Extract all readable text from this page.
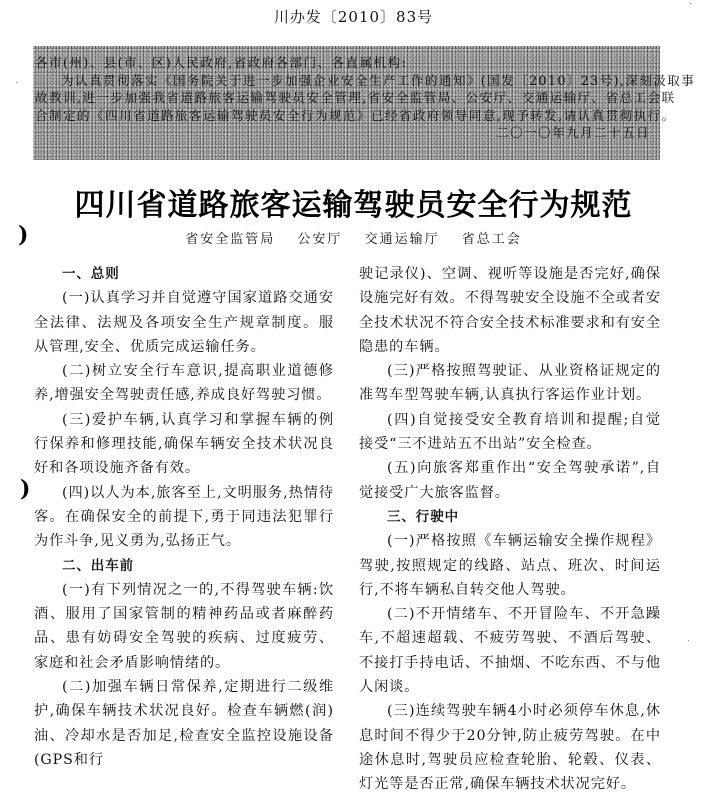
川办发〔2010〕83号

各市(州)、县(市、区)人民政府,省政府各部门、各直属机构:

为认真贯彻落实《国务院关于进一步加强企业安全生产工作的通知》(国发〔2010〕23号),深刻汲取事

故教训,进一步加强我省道路旅客运输驾驶员安全管理,省安全监管局、公安厅、交通运输厅、省总工会联

合制定的《四川省道路旅客运输驾驶员安全行为规范》已经省政府领导同意,现予转发,请认真贯彻执行。

二〇一〇年九月二十五日

四川省道路旅客运输驾驶员安全行为规范
省安全监管局 公安厅 交通运输厅 省总工会
)
)

一、总则

(一)认真学习并自觉遵守国家道路交通安全法律、法规及各项安全生产规章制度。服从管理,安全、优质完成运输任务。

(二)树立安全行车意识,提高职业道德修养,增强安全驾驶责任感,养成良好驾驶习惯。

(三)爱护车辆,认真学习和掌握车辆的例行保养和修理技能,确保车辆安全技术状况良好和各项设施齐备有效。

(四)以人为本,旅客至上,文明服务,热情待客。在确保安全的前提下,勇于同违法犯罪行为作斗争,见义勇为,弘扬正气。

二、出车前

(一)有下列情况之一的,不得驾驶车辆:饮酒、服用了国家管制的精神药品或者麻醉药品、患有妨碍安全驾驶的疾病、过度疲劳、家庭和社会矛盾影响情绪的。

(二)加强车辆日常保养,定期进行二级维护,确保车辆技术状况良好。检查车辆燃(润)油、冷却水是否加足,检查安全监控设施设备(GPS和行

驶记录仪)、空调、视听等设施是否完好,确保设施完好有效。不得驾驶安全设施不全或者安全技术状况不符合安全技术标准要求和有安全隐患的车辆。

(三)严格按照驾驶证、从业资格证规定的准驾车型驾驶车辆,认真执行客运作业计划。

(四)自觉接受安全教育培训和提醒;自觉接受“三不进站五不出站”安全检查。

(五)向旅客郑重作出“安全驾驶承诺”,自觉接受广大旅客监督。

三、行驶中

(一)严格按照《车辆运输安全操作规程》驾驶,按照规定的线路、站点、班次、时间运行,不将车辆私自转交他人驾驶。

(二)不开情绪车、不开冒险车、不开急躁车,不超速超载、不疲劳驾驶、不酒后驾驶、不接打手持电话、不抽烟、不吃东西、不与他人闲谈。

(三)连续驾驶车辆4小时必须停车休息,休息时间不得少于20分钟,防止疲劳驾驶。在中途休息时,驾驶员应检查轮胎、轮毂、仪表、灯光等是否正常,确保车辆技术状况完好。
